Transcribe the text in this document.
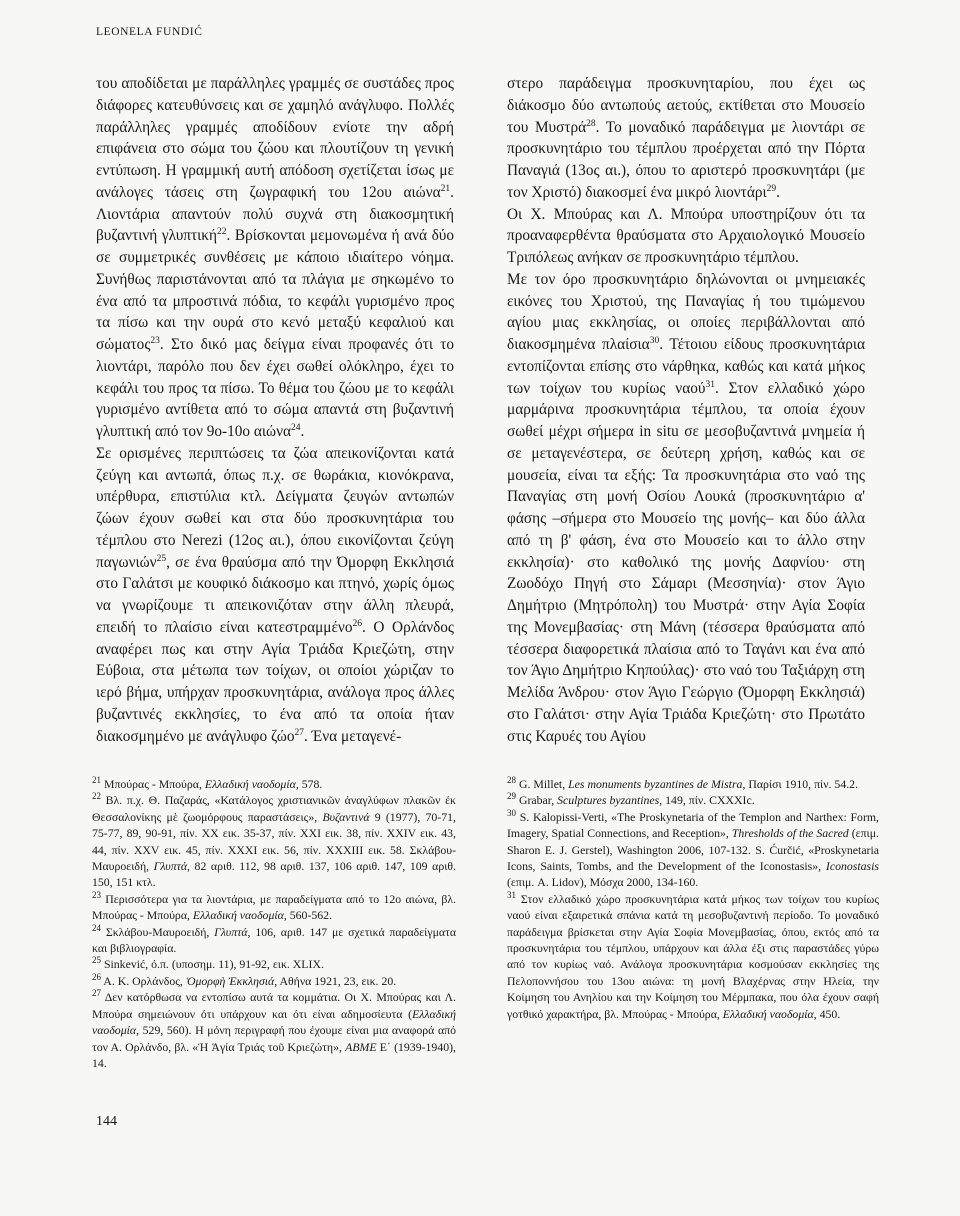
LEONELA FUNDIĆ

του αποδίδεται με παράλληλες γραμμές σε συστάδες προς διάφορες κατευθύνσεις και σε χαμηλό ανάγλυφο. Πολλές παράλληλες γραμμές αποδίδουν ενίοτε την αδρή επιφάνεια στο σώμα του ζώου και πλουτίζουν τη γενική εντύπωση. Η γραμμική αυτή απόδοση σχετίζεται ίσως με ανάλογες τάσεις στη ζωγραφική του 12ου αιώνα$^{21}$. Λιοντάρια απαντούν πολύ συχνά στη διακοσμητική βυζαντινή γλυπτική$^{22}$. Βρίσκονται μεμονωμένα ή ανά δύο σε συμμετρικές συνθέσεις με κάποιο ιδιαίτερο νόημα. Συνήθως παριστάνονται από τα πλάγια με σηκωμένο το ένα από τα μπροστινά πόδια, το κεφάλι γυρισμένο προς τα πίσω και την ουρά στο κενό μεταξύ κεφαλιού και σώματος$^{23}$. Στο δικό μας δείγμα είναι προφανές ότι το λιοντάρι, παρόλο που δεν έχει σωθεί ολόκληρο, έχει το κεφάλι του προς τα πίσω. Το θέμα του ζώου με το κεφάλι γυρισμένο αντίθετα από το σώμα απαντά στη βυζαντινή γλυπτική από τον 9ο-10ο αιώνα$^{24}$.

Σε ορισμένες περιπτώσεις τα ζώα απεικονίζονται κατά ζεύγη και αντωπά, όπως π.χ. σε θωράκια, κιονόκρανα, υπέρθυρα, επιστύλια κτλ. Δείγματα ζευγών αντωπών ζώων έχουν σωθεί και στα δύο προσκυνητάρια του τέμπλου στο Nerezi (12ος αι.), όπου εικονίζονται ζεύγη παγωνιών$^{25}$, σε ένα θραύσμα από την Όμορφη Εκκλησιά στο Γαλάτσι με κουφικό διάκοσμο και πτηνό, χωρίς όμως να γνωρίζουμε τι απεικονιζόταν στην άλλη πλευρά, επειδή το πλαίσιο είναι κατεστραμμένο$^{26}$. Ο Ορλάνδος αναφέρει πως και στην Αγία Τριάδα Κριεζώτη, στην Εύβοια, στα μέτωπα των τοίχων, οι οποίοι χώριζαν το ιερό βήμα, υπήρχαν προσκυνητάρια, ανάλογα προς άλλες βυζαντινές εκκλησίες, το ένα από τα οποία ήταν διακοσμημένο με ανάγλυφο ζώο$^{27}$. Ένα μεταγενέ-

στερο παράδειγμα προσκυνηταρίου, που έχει ως διάκοσμο δύο αντωπούς αετούς, εκτίθεται στο Μουσείο του Μυστρά$^{28}$. Το μοναδικό παράδειγμα με λιοντάρι σε προσκυνητάριο του τέμπλου προέρχεται από την Πόρτα Παναγιά (13ος αι.), όπου το αριστερό προσκυνητάρι (με τον Χριστό) διακοσμεί ένα μικρό λιοντάρι$^{29}$.

Οι Χ. Μπούρας και Λ. Μπούρα υποστηρίζουν ότι τα προαναφερθέντα θραύσματα στο Αρχαιολογικό Μουσείο Τριπόλεως ανήκαν σε προσκυνητάριο τέμπλου.

Με τον όρο προσκυνητάριο δηλώνονται οι μνημειακές εικόνες του Χριστού, της Παναγίας ή του τιμώμενου αγίου μιας εκκλησίας, οι οποίες περιβάλλονται από διακοσμημένα πλαίσια$^{30}$. Τέτοιου είδους προσκυνητάρια εντοπίζονται επίσης στο νάρθηκα, καθώς και κατά μήκος των τοίχων του κυρίως ναού$^{31}$. Στον ελλαδικό χώρο μαρμάρινα προσκυνητάρια τέμπλου, τα οποία έχουν σωθεί μέχρι σήμερα in situ σε μεσοβυζαντινά μνημεία ή σε μεταγενέστερα, σε δεύτερη χρήση, καθώς και σε μουσεία, είναι τα εξής: Τα προσκυνητάρια στο ναό της Παναγίας στη μονή Οσίου Λουκά (προσκυνητάριο α' φάσης –σήμερα στο Μουσείο της μονής– και δύο άλλα από τη β' φάση, ένα στο Μουσείο και το άλλο στην εκκλησία)· στο καθολικό της μονής Δαφνίου· στη Ζωοδόχο Πηγή στο Σάμαρι (Μεσσηνία)· στον Άγιο Δημήτριο (Μητρόπολη) του Μυστρά· στην Αγία Σοφία της Μονεμβασίας· στη Μάνη (τέσσερα θραύσματα από τέσσερα διαφορετικά πλαίσια από το Ταγάνι και ένα από τον Άγιο Δημήτριο Κηπούλας)· στο ναό του Ταξιάρχη στη Μελίδα Άνδρου· στον Άγιο Γεώργιο (Όμορφη Εκκλησιά) στο Γαλάτσι· στην Αγία Τριάδα Κριεζώτη· στο Πρωτάτο στις Καρυές του Αγίου

$^{21}$ Μπούρας - Μπούρα, Ελλαδική ναοδομία, 578.

$^{22}$ Βλ. π.χ. Θ. Παζαράς, «Κατάλογος χριστιανικῶν ἀναγλύφων πλακῶν ἐκ Θεσσαλονίκης μὲ ζωομόρφους παραστάσεις», Βυζαντινά 9 (1977), 70-71, 75-77, 89, 90-91, πίν. XX εικ. 35-37, πίν. XXI εικ. 38, πίν. XXIV εικ. 43, 44, πίν. XXV εικ. 45, πίν. XXXI εικ. 56, πίν. XXXIII εικ. 58. Σκλάβου-Μαυροειδή, Γλυπτά, 82 αριθ. 112, 98 αριθ. 137, 106 αριθ. 147, 109 αριθ. 150, 151 κτλ.

$^{23}$ Περισσότερα για τα λιοντάρια, με παραδείγματα από το 12ο αιώνα, βλ. Μπούρας - Μπούρα, Ελλαδική ναοδομία, 560-562.

$^{24}$ Σκλάβου-Μαυροειδή, Γλυπτά, 106, αριθ. 147 με σχετικά παραδείγματα και βιβλιογραφία.

$^{25}$ Sinkević, ό.π. (υποσημ. 11), 91-92, εικ. XLIX.

$^{26}$ Α. Κ. Ορλάνδος, Ὁμορφὴ Ἐκκλησιά, Αθήνα 1921, 23, εικ. 20.

$^{27}$ Δεν κατόρθωσα να εντοπίσω αυτά τα κομμάτια. Οι Χ. Μπούρας και Λ. Μπούρα σημειώνουν ότι υπάρχουν και ότι είναι αδημοσίευτα (Ελλαδική ναοδομία, 529, 560). Η μόνη περιγραφή που έχουμε είναι μια αναφορά από τον Α. Ορλάνδο, βλ. «Ἡ Ἁγία Τριάς τοῦ Κριεζώτη», ΑΒΜΕ Ε΄ (1939-1940), 14.

$^{28}$ G. Millet, Les monuments byzantines de Mistra, Παρίσι 1910, πίν. 54.2.

$^{29}$ Grabar, Sculptures byzantines, 149, πίν. CXXXIc.

$^{30}$ S. Kalopissi-Verti, «The Proskynetaria of the Templon and Narthex: Form, Imagery, Spatial Connections, and Reception», Thresholds of the Sacred (επιμ. Sharon E. J. Gerstel), Washington 2006, 107-132. S. Ćurčić, «Proskynetaria Icons, Saints, Tombs, and the Development of the Iconostasis», Iconostasis (επιμ. A. Lidov), Μόσχα 2000, 134-160.

$^{31}$ Στον ελλαδικό χώρο προσκυνητάρια κατά μήκος των τοίχων του κυρίως ναού είναι εξαιρετικά σπάνια κατά τη μεσοβυζαντινή περίοδο. Το μοναδικό παράδειγμα βρίσκεται στην Αγία Σοφία Μονεμβασίας, όπου, εκτός από τα προσκυνητάρια του τέμπλου, υπάρχουν και άλλα έξι στις παραστάδες γύρω από τον κυρίως ναό. Ανάλογα προσκυνητάρια κοσμούσαν εκκλησίες της Πελοποννήσου του 13ου αιώνα: τη μονή Βλαχέρνας στην Ηλεία, την Κοίμηση του Ανηλίου και την Κοίμηση του Μέρμπακα, που όλα έχουν σαφή γοτθικό χαρακτήρα, βλ. Μπούρας - Μπούρα, Ελλαδική ναοδομία, 450.

144
